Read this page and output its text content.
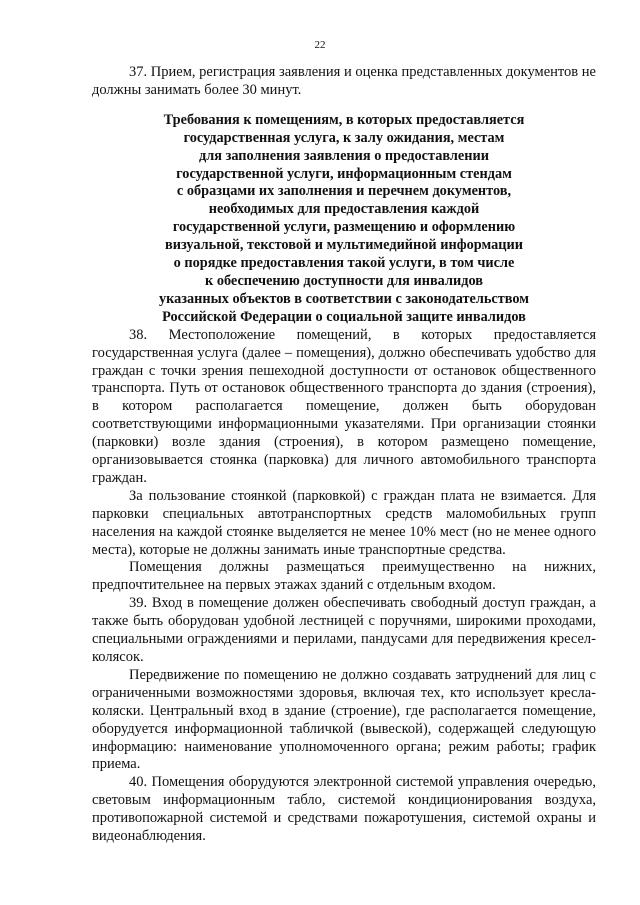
22

37. Прием, регистрация заявления и оценка представленных документов не должны занимать более 30 минут.

Требования к помещениям, в которых предоставляется
государственная услуга, к залу ожидания, местам
для заполнения заявления о предоставлении
государственной услуги, информационным стендам
с образцами их заполнения и перечнем документов,
необходимых для предоставления каждой
государственной услуги, размещению и оформлению
визуальной, текстовой и мультимедийной информации
о порядке предоставления такой услуги, в том числе
к обеспечению доступности для инвалидов
указанных объектов в соответствии с законодательством
Российской Федерации о социальной защите инвалидов

38. Местоположение помещений, в которых предоставляется государственная услуга (далее – помещения), должно обеспечивать удобство для граждан с точки зрения пешеходной доступности от остановок общественного транспорта. Путь от остановок общественного транспорта до здания (строения), в котором располагается помещение, должен быть оборудован соответствующими информационными указателями. При организации стоянки (парковки) возле здания (строения), в котором размещено помещение, организовывается стоянка (парковка) для личного автомобильного транспорта граждан.

За пользование стоянкой (парковкой) с граждан плата не взимается. Для парковки специальных автотранспортных средств маломобильных групп населения на каждой стоянке выделяется не менее 10% мест (но не менее одного места), которые не должны занимать иные транспортные средства.

Помещения должны размещаться преимущественно на нижних, предпочтительнее на первых этажах зданий с отдельным входом.

39. Вход в помещение должен обеспечивать свободный доступ граждан, а также быть оборудован удобной лестницей с поручнями, широкими проходами, специальными ограждениями и перилами, пандусами для передвижения кресел-колясок.

Передвижение по помещению не должно создавать затруднений для лиц с ограниченными возможностями здоровья, включая тех, кто использует кресла-коляски. Центральный вход в здание (строение), где располагается помещение, оборудуется информационной табличкой (вывеской), содержащей следующую информацию: наименование уполномоченного органа; режим работы; график приема.

40. Помещения оборудуются электронной системой управления очередью, световым информационным табло, системой кондиционирования воздуха, противопожарной системой и средствами пожаротушения, системой охраны и видеонаблюдения.
